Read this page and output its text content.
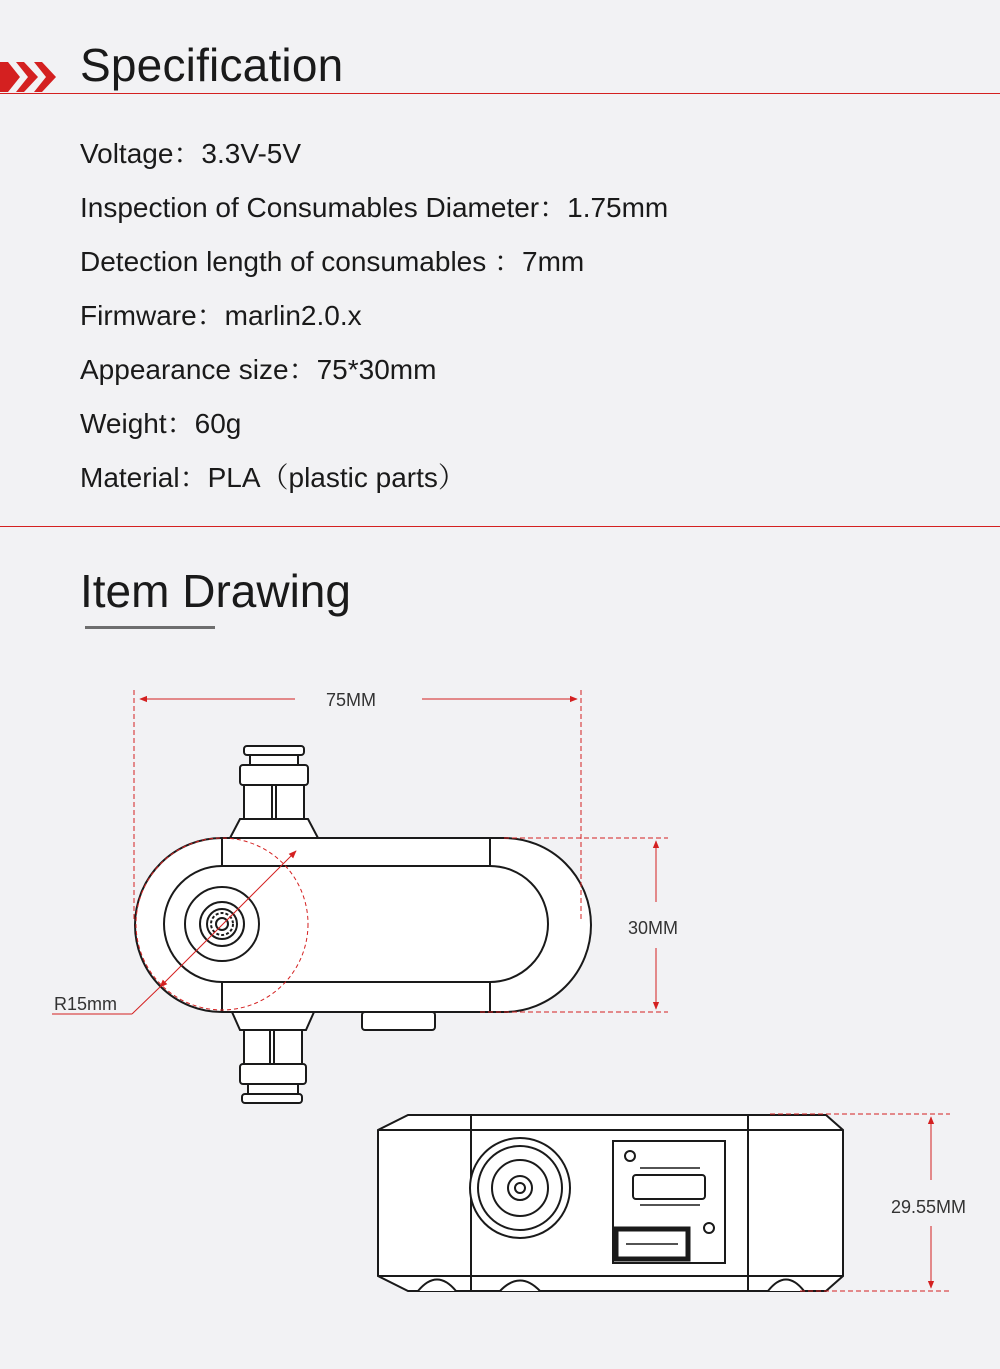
Specification
Voltage：3.3V-5V
Inspection of Consumables Diameter：1.75mm
Detection length of consumables ：7mm
Firmware：marlin2.0.x
Appearance size：75*30mm
Weight：60g
Material：PLA（plastic parts）
Item Drawing
R15mm
75MM
30MM
29.55MM
